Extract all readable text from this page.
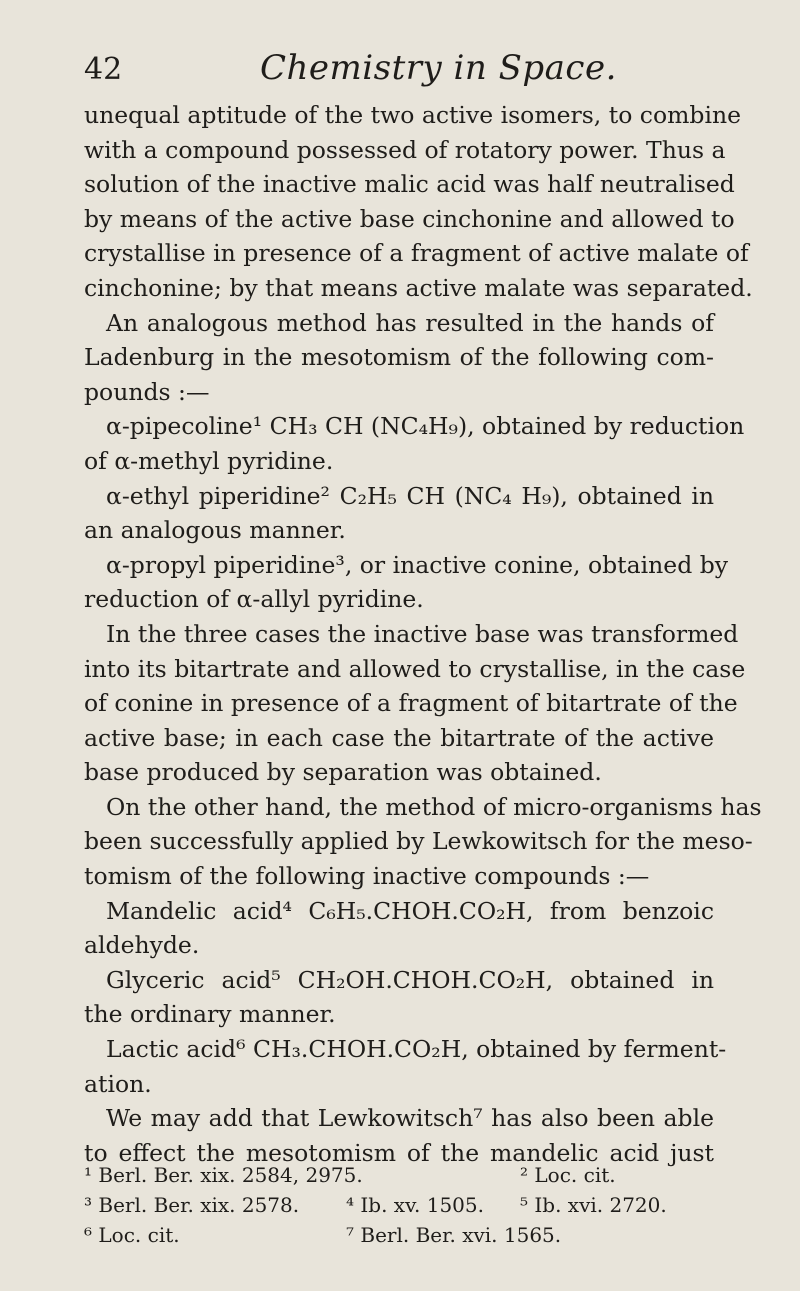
42	Chemistry in Space.
unequal aptitude of the two active isomers, to combine
with a compound possessed of rotatory power. Thus a
solution of the inactive malic acid was half neutralised
by means of the active base cinchonine and allowed to
crystallise in presence of a fragment of active malate of
cinchonine; by that means active malate was separated.
An analogous method has resulted in the hands of
Ladenburg in the mesotomism of the following com-
pounds :—
α-pipecoline¹ CH₃ CH (NC₄H₉), obtained by reduction
of α-methyl pyridine.
α-ethyl piperidine² C₂H₅ CH (NC₄ H₉), obtained in
an analogous manner.
α-propyl piperidine³, or inactive conine, obtained by
reduction of α-allyl pyridine.
In the three cases the inactive base was transformed
into its bitartrate and allowed to crystallise, in the case
of conine in presence of a fragment of bitartrate of the
active base; in each case the bitartrate of the active
base produced by separation was obtained.
On the other hand, the method of micro-organisms has
been successfully applied by Lewkowitsch for the meso-
tomism of the following inactive compounds :—
Mandelic acid⁴ C₆H₅.CHOH.CO₂H, from benzoic
aldehyde.
Glyceric acid⁵ CH₂OH.CHOH.CO₂H, obtained in
the ordinary manner.
Lactic acid⁶ CH₃.CHOH.CO₂H, obtained by ferment-
ation.
We may add that Lewkowitsch⁷ has also been able
to effect the mesotomism of the mandelic acid just
¹ Berl. Ber. xix. 2584, 2975.	² Loc. cit.
³ Berl. Ber. xix. 2578. ⁴ Ib. xv. 1505. ⁵ Ib. xvi. 2720.
⁶ Loc. cit.	⁷ Berl. Ber. xvi. 1565.
